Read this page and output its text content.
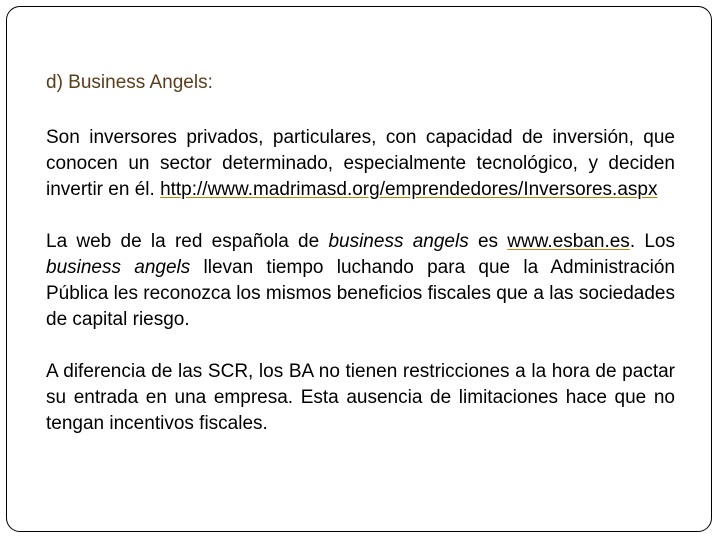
d) Business Angels:
Son inversores privados, particulares, con capacidad de inversión, que conocen un sector determinado, especialmente tecnológico, y deciden invertir en él. http://www.madrimasd.org/emprendedores/Inversores.aspx
La web de la red española de business angels es www.esban.es. Los business angels llevan tiempo luchando para que la Administración Pública les reconozca los mismos beneficios fiscales que a las sociedades de capital riesgo.
A diferencia de las SCR, los BA no tienen restricciones a la hora de pactar su entrada en una empresa. Esta ausencia de limitaciones hace que no tengan incentivos fiscales.
